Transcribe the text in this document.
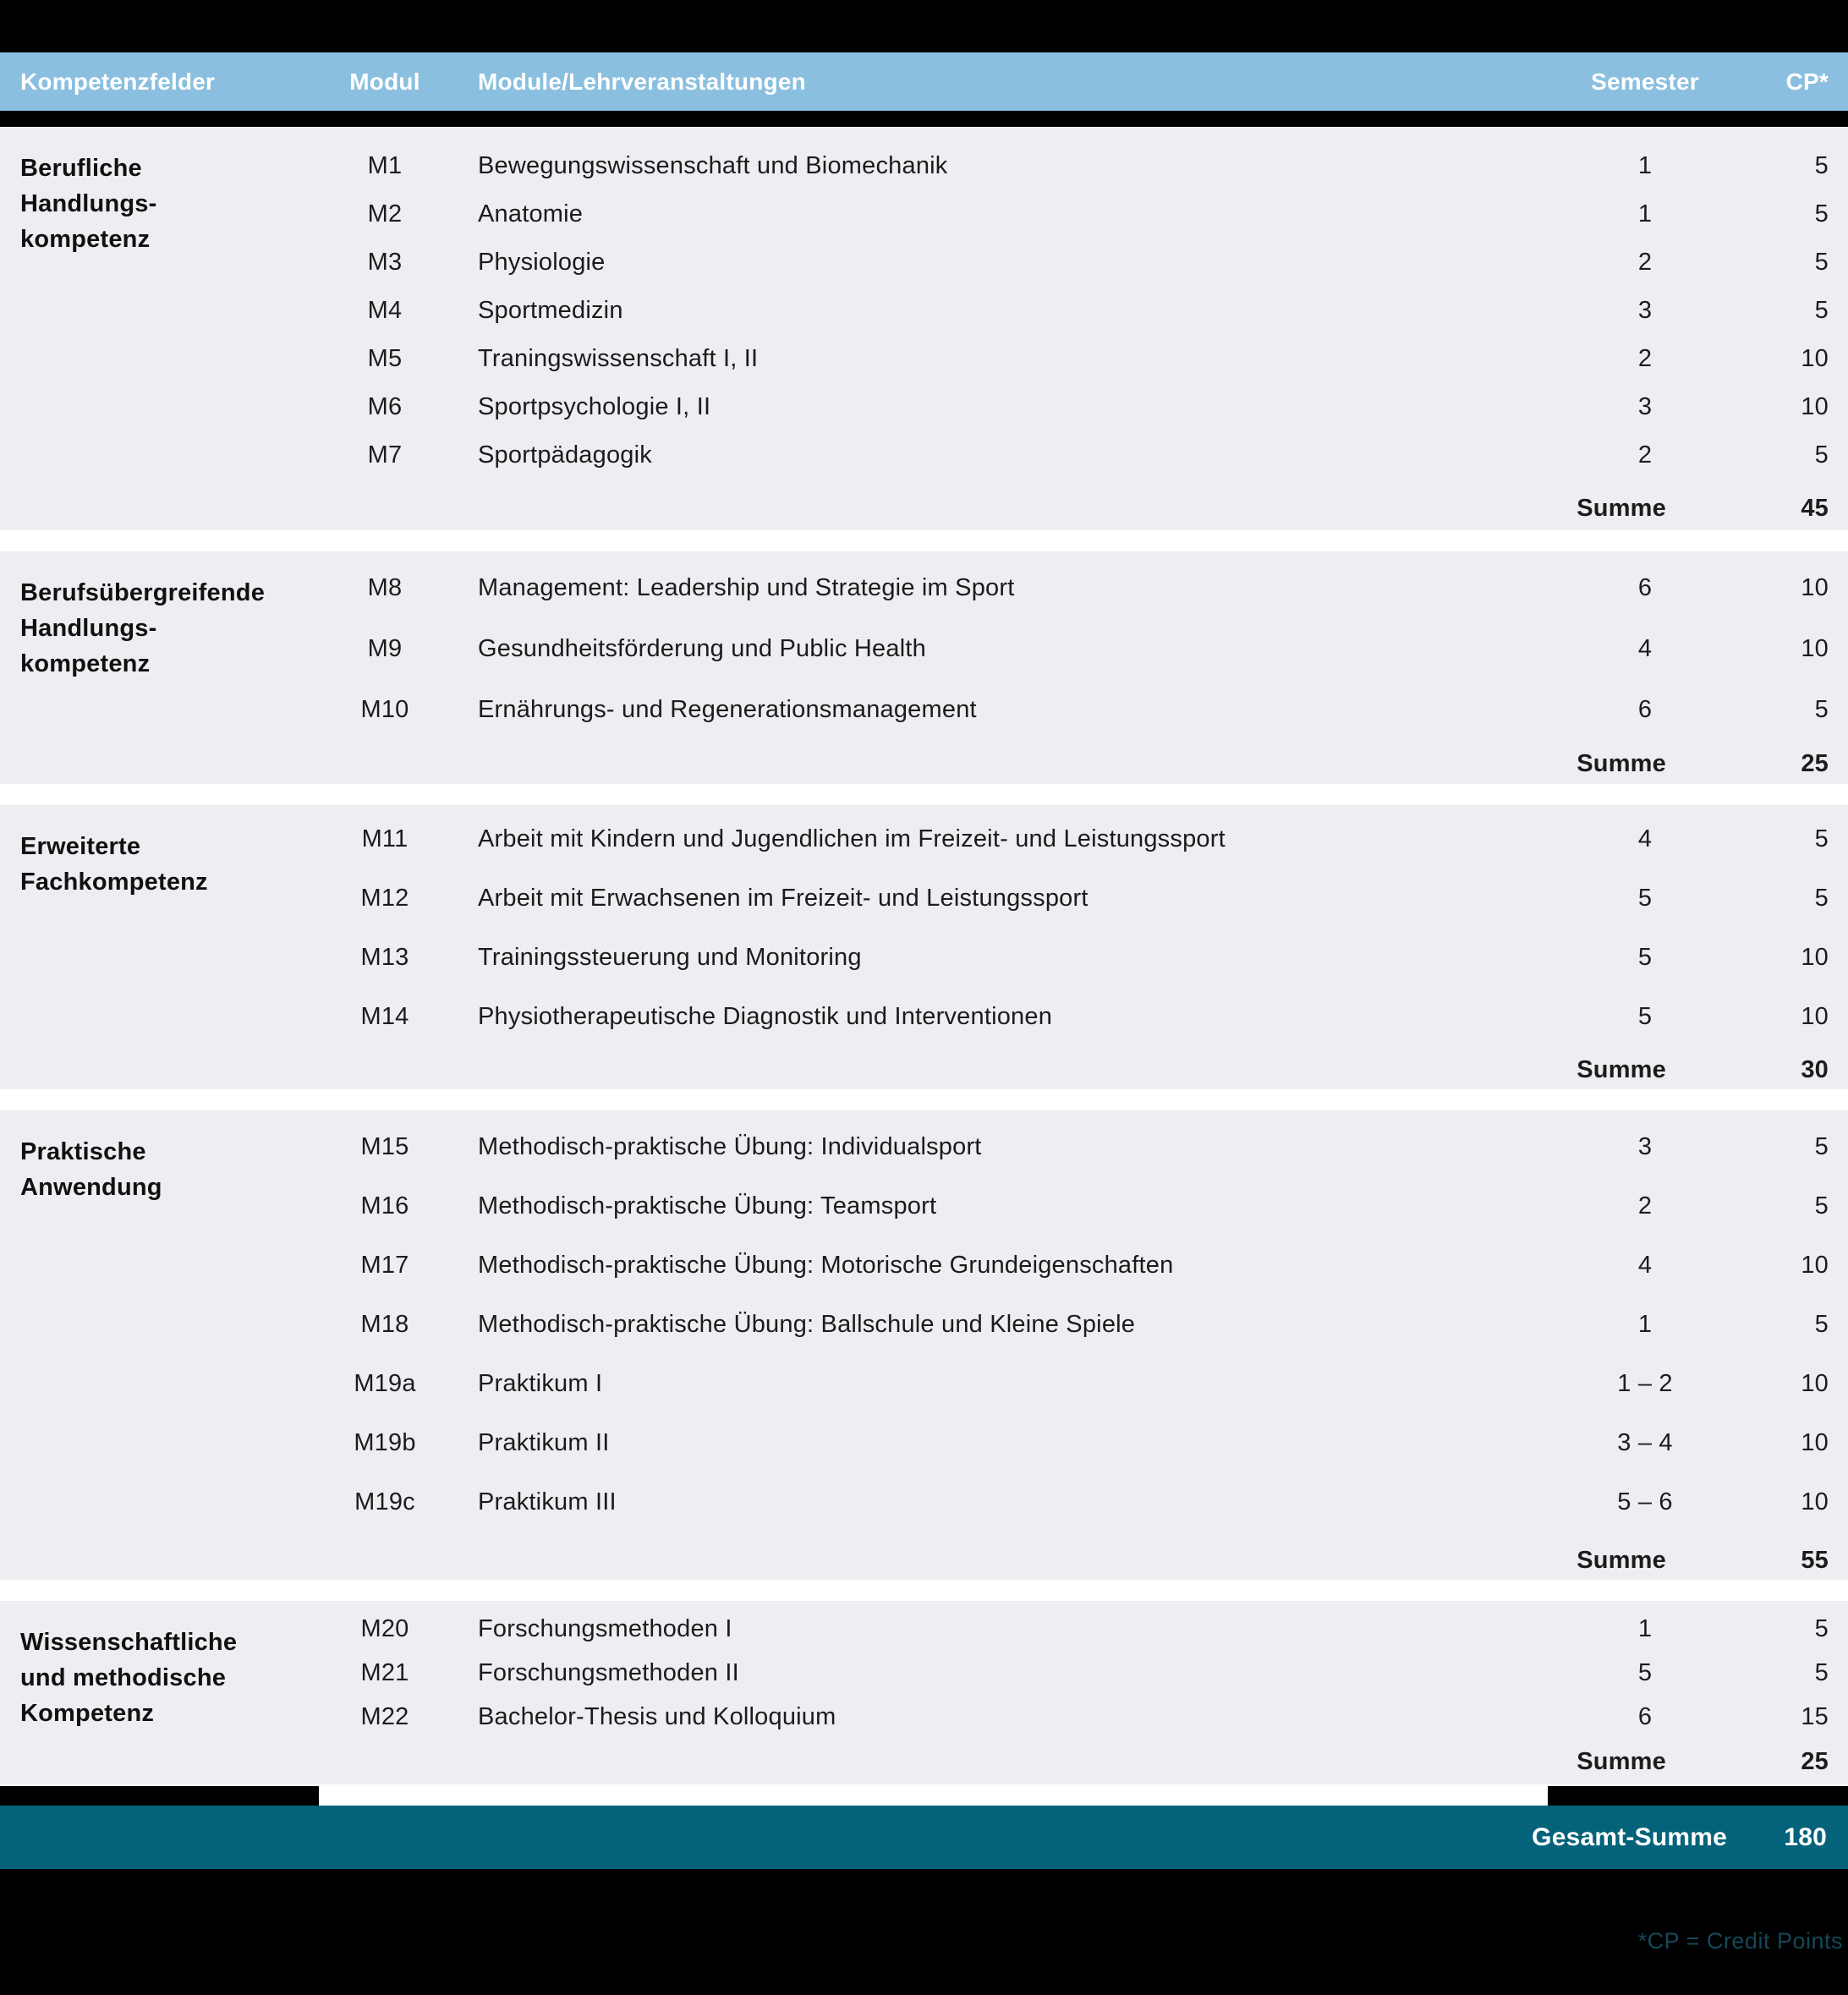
Kompetenzfelder	Modul	Module/Lehrveranstaltungen	Semester	CP*
Berufliche
Handlungs-
kompetenz
M1	Bewegungswissenschaft und Biomechanik	1	5
M2	Anatomie	1	5
M3	Physiologie	2	5
M4	Sportmedizin	3	5
M5	Traningswissenschaft I, II	2	10
M6	Sportpsychologie I, II	3	10
M7	Sportpädagogik	2	5
Summe	45
Berufsübergreifende
Handlungs-
kompetenz
M8	Management: Leadership und Strategie im Sport	6	10
M9	Gesundheitsförderung und Public Health	4	10
M10	Ernährungs- und Regenerationsmanagement	6	5
Summe	25
Erweiterte
Fachkompetenz
M11	Arbeit mit Kindern und Jugendlichen im Freizeit- und Leistungssport	4	5
M12	Arbeit mit Erwachsenen im Freizeit- und Leistungssport	5	5
M13	Trainingssteuerung und Monitoring	5	10
M14	Physiotherapeutische Diagnostik und Interventionen	5	10
Summe	30
Praktische
Anwendung
M15	Methodisch-praktische Übung: Individualsport	3	5
M16	Methodisch-praktische Übung: Teamsport	2	5
M17	Methodisch-praktische Übung: Motorische Grundeigenschaften	4	10
M18	Methodisch-praktische Übung: Ballschule und Kleine Spiele	1	5
M19a	Praktikum I	1 – 2	10
M19b	Praktikum II	3 – 4	10
M19c	Praktikum III	5 – 6	10
Summe	55
Wissenschaftliche
und methodische
Kompetenz
M20	Forschungsmethoden I	1	5
M21	Forschungsmethoden II	5	5
M22	Bachelor-Thesis und Kolloquium	6	15
Summe	25
Gesamt-Summe	180
*CP = Credit Points
